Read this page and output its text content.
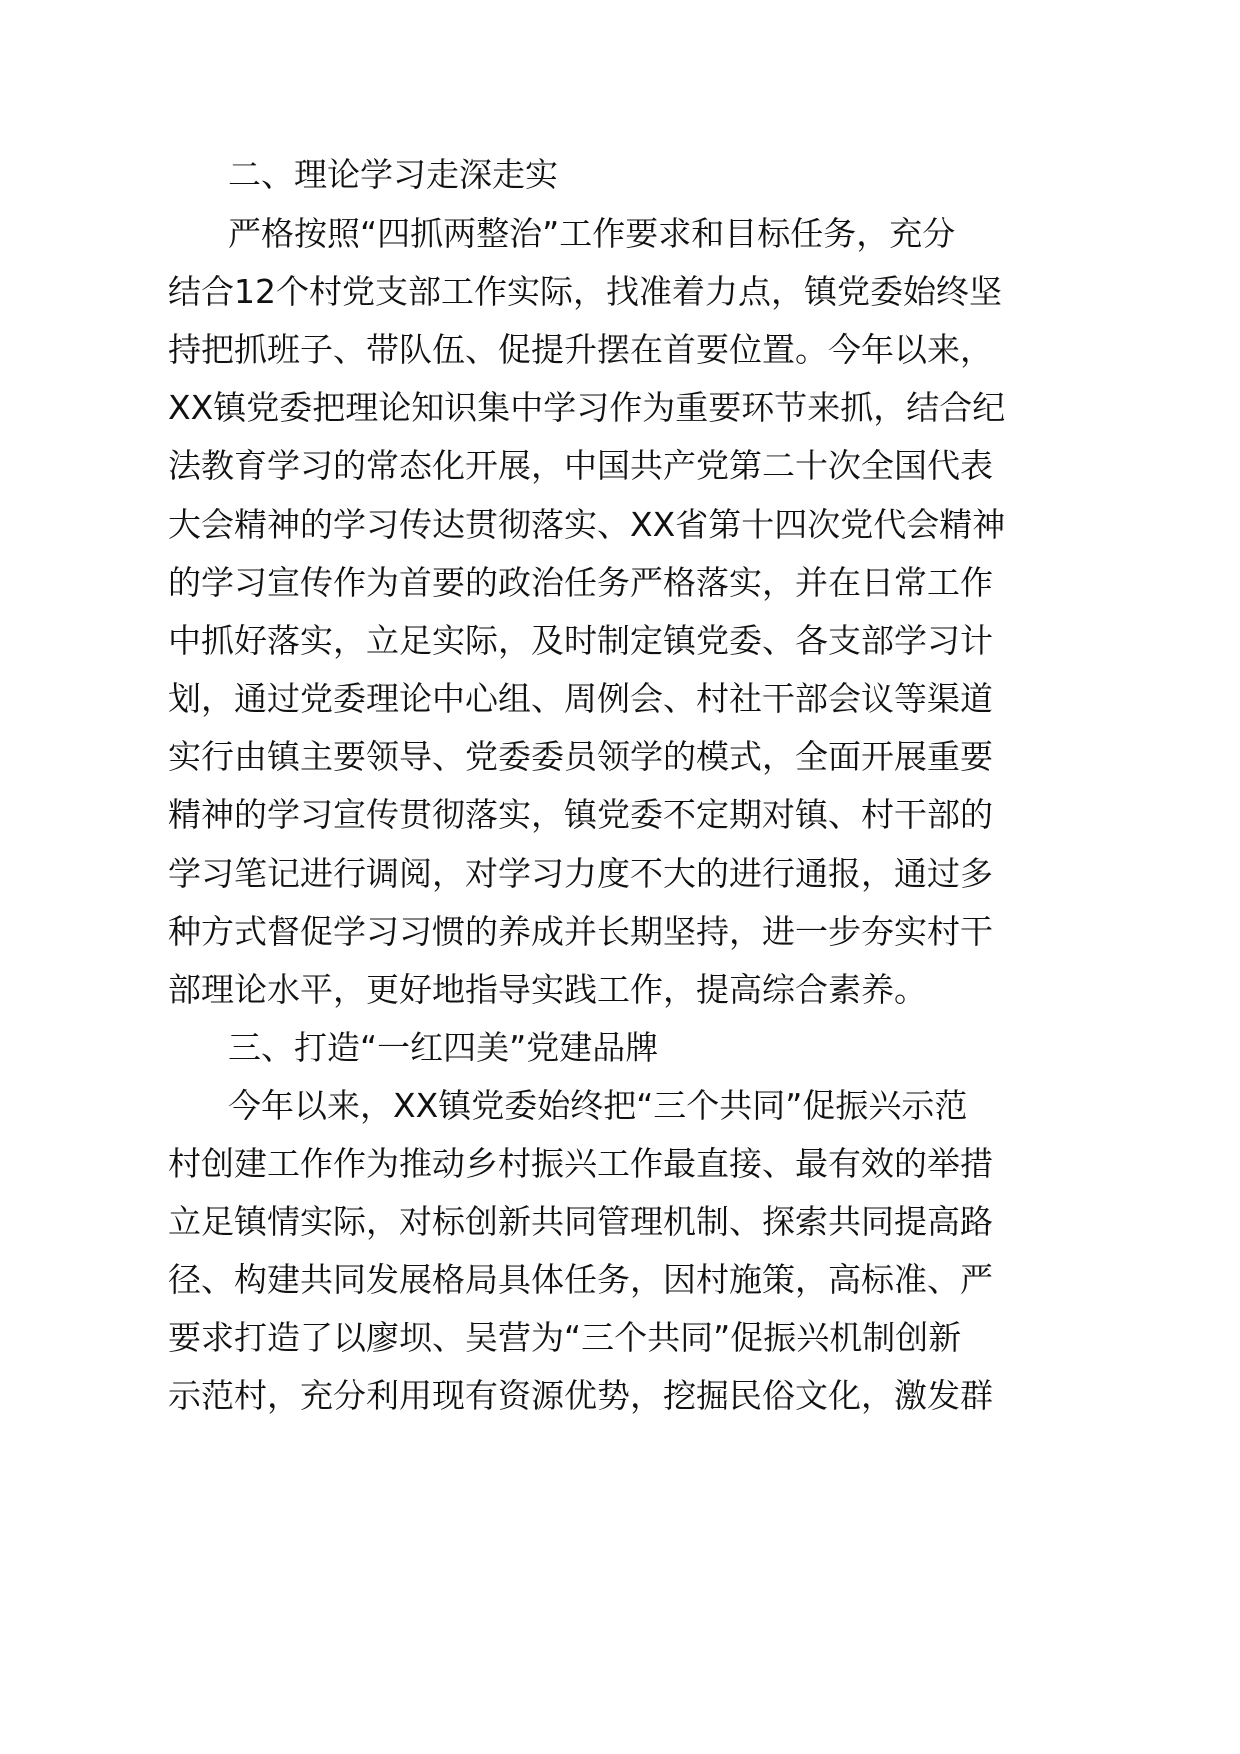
二、理论学习走深走实
严格按照“四抓两整治”工作要求和目标任务，充分
结合12个村党支部工作实际，找准着力点，镇党委始终坚
持把抓班子、带队伍、促提升摆在首要位置。今年以来，
XX镇党委把理论知识集中学习作为重要环节来抓，结合纪
法教育学习的常态化开展，中国共产党第二十次全国代表
大会精神的学习传达贯彻落实、XX省第十四次党代会精神
的学习宣传作为首要的政治任务严格落实，并在日常工作
中抓好落实，立足实际，及时制定镇党委、各支部学习计
划，通过党委理论中心组、周例会、村社干部会议等渠道
实行由镇主要领导、党委委员领学的模式，全面开展重要
精神的学习宣传贯彻落实，镇党委不定期对镇、村干部的
学习笔记进行调阅，对学习力度不大的进行通报，通过多
种方式督促学习习惯的养成并长期坚持，进一步夯实村干
部理论水平，更好地指导实践工作，提高综合素养。
三、打造“一红四美”党建品牌
今年以来，XX镇党委始终把“三个共同”促振兴示范
村创建工作作为推动乡村振兴工作最直接、最有效的举措
立足镇情实际，对标创新共同管理机制、探索共同提高路
径、构建共同发展格局具体任务，因村施策，高标准、严
要求打造了以廖坝、吴营为“三个共同”促振兴机制创新
示范村，充分利用现有资源优势，挖掘民俗文化，激发群
